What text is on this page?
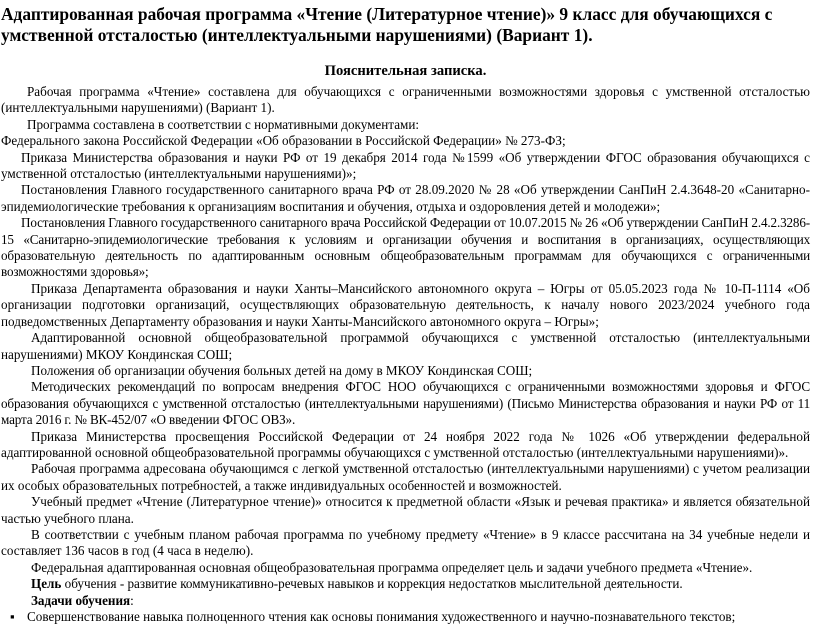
Адаптированная рабочая программа «Чтение (Литературное чтение)» 9 класс для обучающихся с умственной отсталостью (интеллектуальными нарушениями) (Вариант 1).
Пояснительная записка.

Рабочая программа «Чтение» составлена для обучающихся с ограниченными возможностями здоровья с умственной отсталостью (интеллектуальными нарушениями) (Вариант 1).

Программа составлена в соответствии с нормативными документами:

Федерального закона Российской Федерации «Об образовании в Российской Федерации» № 273-ФЗ;

Приказа Министерства образования и науки РФ от 19 декабря 2014 года №1599 «Об утверждении ФГОС образования обучающихся с умственной отсталостью (интеллектуальными нарушениями)»;

Постановления Главного государственного санитарного врача РФ от 28.09.2020 № 28 «Об утверждении СанПиН 2.4.3648-20 «Санитарно-эпидемиологические требования к организациям воспитания и обучения, отдыха и оздоровления детей и молодежи»;

Постановления Главного государственного санитарного врача Российской Федерации от 10.07.2015 № 26 «Об утверждении СанПиН 2.4.2.3286-15 «Санитарно-эпидемиологические требования к условиям и организации обучения и воспитания в организациях, осуществляющих образовательную деятельность по адаптированным основным общеобразовательным программам для обучающихся с ограниченными возможностями здоровья»;

Приказа Департамента образования и науки Ханты–Мансийского автономного округа – Югры от 05.05.2023 года № 10-П-1114 «Об организации подготовки организаций, осуществляющих образовательную деятельность, к началу нового 2023/2024 учебного года подведомственных Департаменту образования и науки Ханты-Мансийского автономного округа – Югры»;

Адаптированной основной общеобразовательной программой обучающихся с умственной отсталостью (интеллектуальными нарушениями) МКОУ Кондинская СОШ;

Положения об организации обучения больных детей на дому в МКОУ Кондинская СОШ;

Методических рекомендаций по вопросам внедрения ФГОС НОО обучающихся с ограниченными возможностями здоровья и ФГОС образования обучающихся с умственной отсталостью (интеллектуальными нарушениями) (Письмо Министерства образования и науки РФ от 11 марта 2016 г. № ВК-452/07 «О введении ФГОС ОВЗ».

Приказа Министерства просвещения Российской Федерации от 24 ноября 2022 года № 1026 «Об утверждении федеральной адаптированной основной общеобразовательной программы обучающихся с умственной отсталостью (интеллектуальными нарушениями)».

Рабочая программа адресована обучающимся с легкой умственной отсталостью (интеллектуальными нарушениями) с учетом реализации их особых образовательных потребностей, а также индивидуальных особенностей и возможностей.

Учебный предмет «Чтение (Литературное чтение)» относится к предметной области «Язык и речевая практика» и является обязательной частью учебного плана.

В соответствии с учебным планом рабочая программа по учебному предмету «Чтение» в 9 классе рассчитана на 34 учебные недели и составляет 136 часов в год (4 часа в неделю).

Федеральная адаптированная основная общеобразовательная программа определяет цель и задачи учебного предмета «Чтение».

Цель обучения - развитие коммуникативно-речевых навыков и коррекция недостатков мыслительной деятельности.

Задачи обучения:

▪ Совершенствование навыка полноценного чтения как основы понимания художественного и научно-познавательного текстов;
